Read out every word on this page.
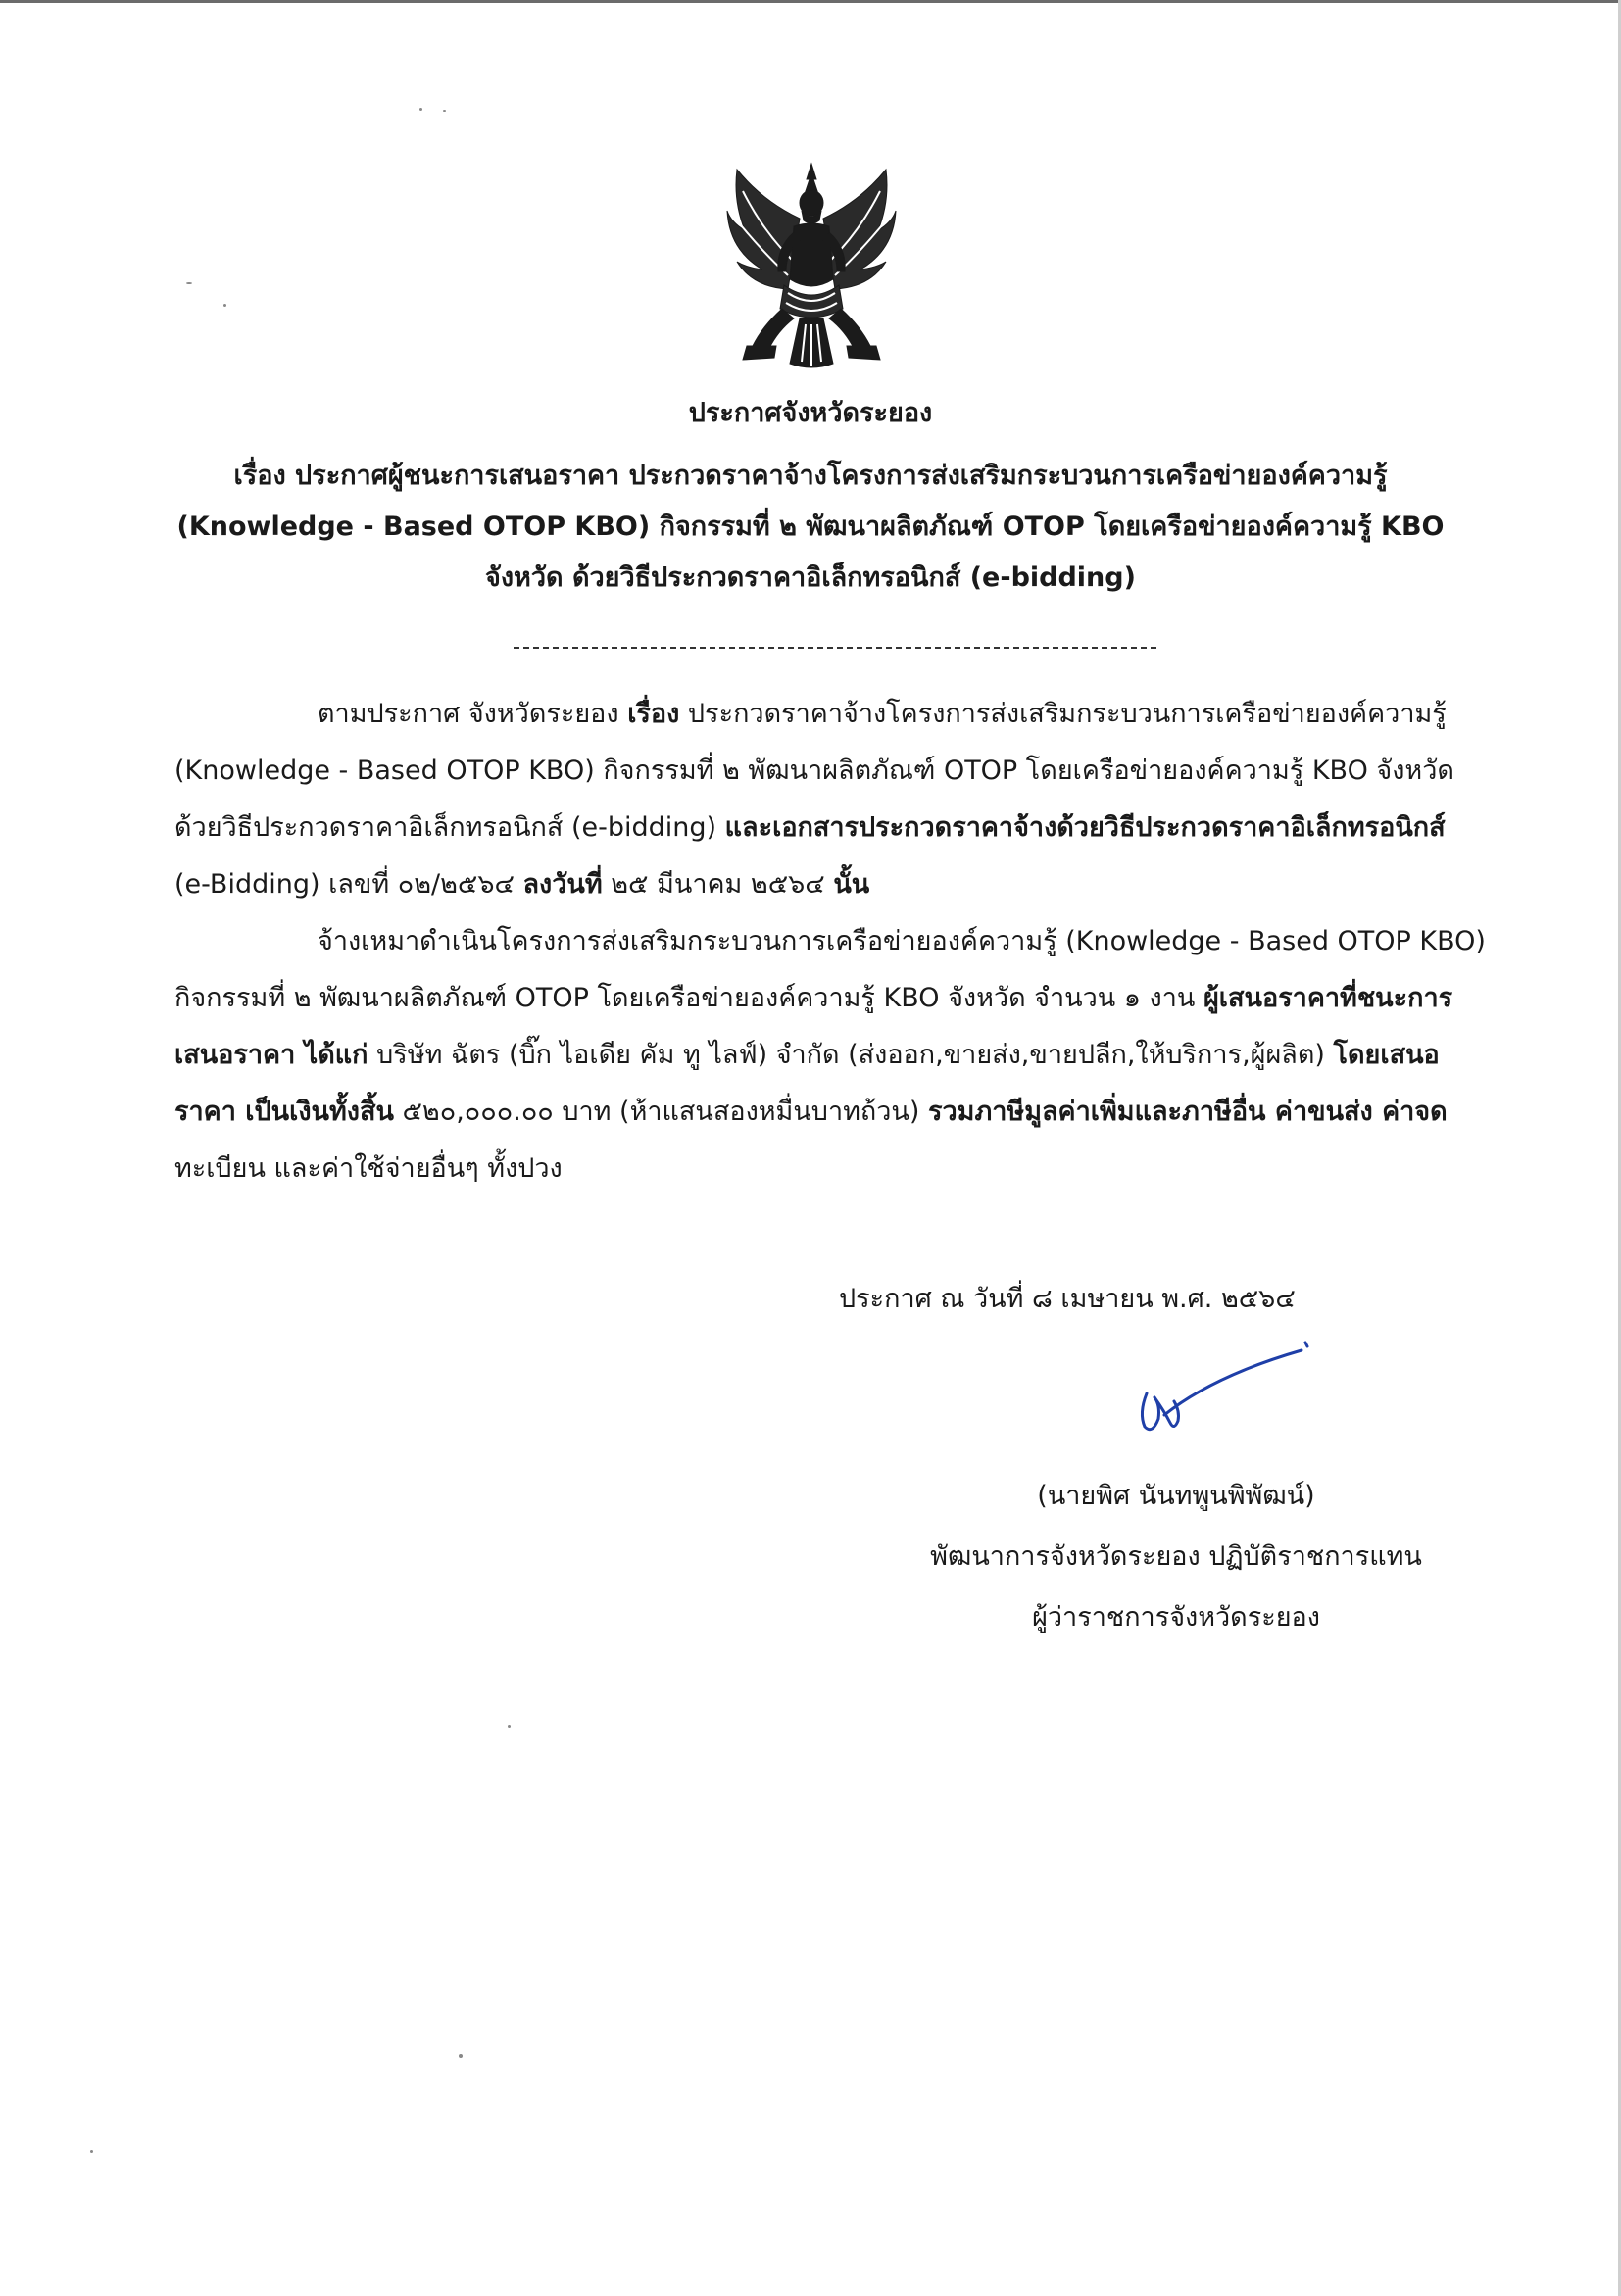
ประกาศจังหวัดระยอง
เรื่อง ประกาศผู้ชนะการเสนอราคา ประกวดราคาจ้างโครงการส่งเสริมกระบวนการเครือข่ายองค์ความรู้
(Knowledge - Based OTOP KBO) กิจกรรมที่ ๒ พัฒนาผลิตภัณฑ์ OTOP โดยเครือข่ายองค์ความรู้ KBO
จังหวัด ด้วยวิธีประกวดราคาอิเล็กทรอนิกส์ (e-bidding)

ตามประกาศ จังหวัดระยอง เรื่อง ประกวดราคาจ้างโครงการส่งเสริมกระบวนการเครือข่ายองค์ความรู้
(Knowledge - Based OTOP KBO) กิจกรรมที่ ๒ พัฒนาผลิตภัณฑ์ OTOP โดยเครือข่ายองค์ความรู้ KBO จังหวัด
ด้วยวิธีประกวดราคาอิเล็กทรอนิกส์ (e-bidding) และเอกสารประกวดราคาจ้างด้วยวิธีประกวดราคาอิเล็กทรอนิกส์
(e-Bidding) เลขที่ ๐๒/๒๕๖๔ ลงวันที่ ๒๕ มีนาคม ๒๕๖๔ นั้น

จ้างเหมาดำเนินโครงการส่งเสริมกระบวนการเครือข่ายองค์ความรู้ (Knowledge - Based OTOP KBO)
กิจกรรมที่ ๒ พัฒนาผลิตภัณฑ์ OTOP โดยเครือข่ายองค์ความรู้ KBO จังหวัด จำนวน ๑ งาน ผู้เสนอราคาที่ชนะการ
เสนอราคา ได้แก่ บริษัท ฉัตร (บิ๊ก ไอเดีย คัม ทู ไลฟ์) จำกัด (ส่งออก,ขายส่ง,ขายปลีก,ให้บริการ,ผู้ผลิต) โดยเสนอ
ราคา เป็นเงินทั้งสิ้น ๕๒๐,๐๐๐.๐๐ บาท (ห้าแสนสองหมื่นบาทถ้วน) รวมภาษีมูลค่าเพิ่มและภาษีอื่น ค่าขนส่ง ค่าจด
ทะเบียน และค่าใช้จ่ายอื่นๆ ทั้งปวง

ประกาศ ณ วันที่ ๘ เมษายน พ.ศ. ๒๕๖๔
(นายพิศ นันทพูนพิพัฒน์)
พัฒนาการจังหวัดระยอง ปฏิบัติราชการแทน
ผู้ว่าราชการจังหวัดระยอง
